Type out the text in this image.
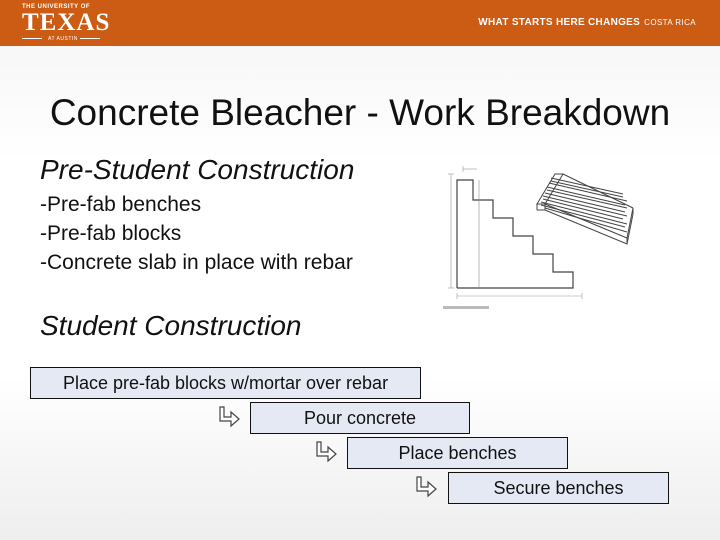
THE UNIVERSITY OF
TEXAS
AT AUSTIN
WHAT STARTS HERE CHANGES COSTA RICA
Concrete Bleacher - Work Breakdown
Pre-Student Construction
-Pre-fab benches
-Pre-fab blocks
-Concrete slab in place with rebar
Student Construction
Place pre-fab blocks w/mortar over rebar
Pour concrete
Place benches
Secure benches
